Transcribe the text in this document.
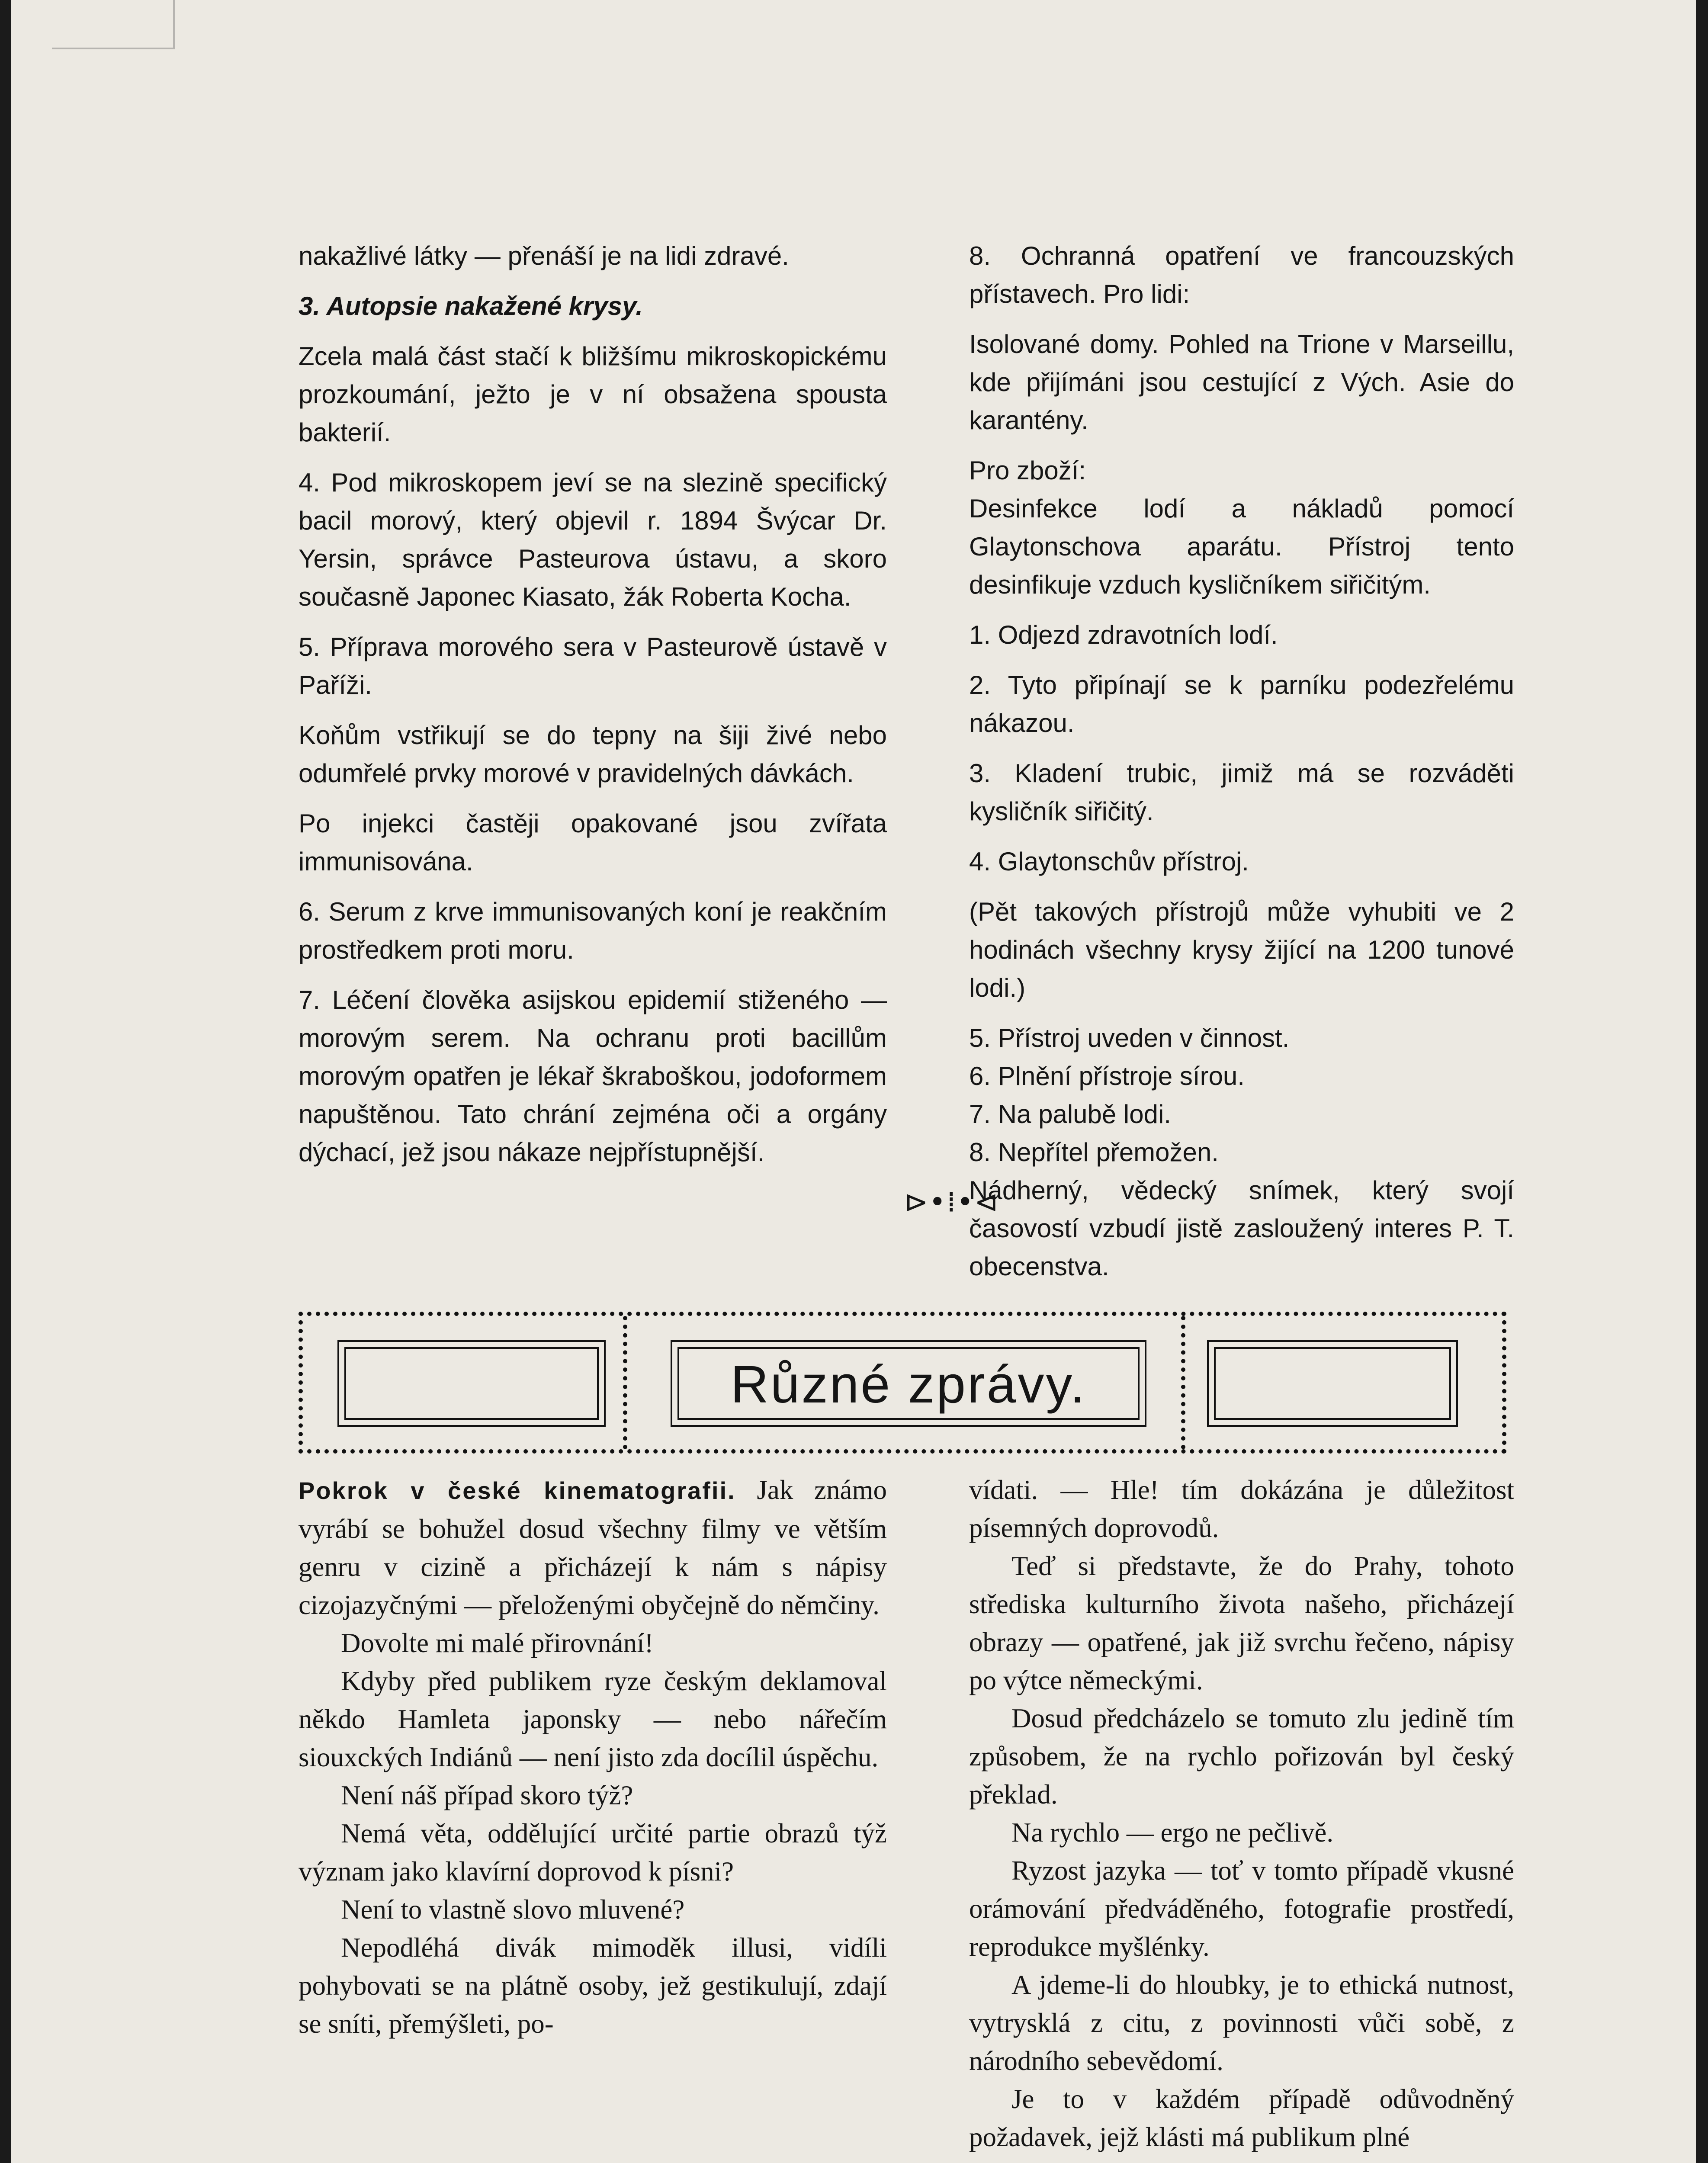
nakažlivé látky — přenáší je na lidi zdravé.

3. Autopsie nakažené krysy.

Zcela malá část stačí k bližšímu mikroskopickému prozkoumání, ježto je v ní obsažena spousta bakterií.

4. Pod mikroskopem jeví se na slezině specifický bacil morový, který objevil r. 1894 Švýcar Dr. Yersin, správce Pasteurova ústavu, a skoro současně Japonec Kiasato, žák Roberta Kocha.

5. Příprava morového sera v Pasteurově ústavě v Paříži.

Koňům vstřikují se do tepny na šiji živé nebo odumřelé prvky morové v pravidelných dávkách.

Po injekci častěji opakované jsou zvířata immunisována.

6. Serum z krve immunisovaných koní je reakčním prostředkem proti moru.

7. Léčení člověka asijskou epidemií stiženého — morovým serem. Na ochranu proti bacillům morovým opatřen je lékař škraboškou, jodoformem napuštěnou. Tato chrání zejména oči a orgány dýchací, jež jsou nákaze nejpřístupnější.

8. Ochranná opatření ve francouzských přístavech. Pro lidi:

Isolované domy. Pohled na Trione v Marseillu, kde přijímáni jsou cestující z Vých. Asie do karantény.

Pro zboží:

Desinfekce lodí a nákladů pomocí Glaytonschova aparátu. Přístroj tento desinfikuje vzduch kysličníkem siřičitým.

1. Odjezd zdravotních lodí.

2. Tyto připínají se k parníku podezřelému nákazou.

3. Kladení trubic, jimiž má se rozváděti kysličník siřičitý.

4. Glaytonschův přístroj.

(Pět takových přístrojů může vyhubiti ve 2 hodinách všechny krysy žijící na 1200 tunové lodi.)

5. Přístroj uveden v činnost.

6. Plnění přístroje sírou.

7. Na palubě lodi.

8. Nepřítel přemožen.

Nádherný, vědecký snímek, který svojí časovostí vzbudí jistě zasloužený interes P. T. obecenstva.

⊳•⁞•⊲
Různé zprávy.

Pokrok v české kinematografii. Jak známo vyrábí se bohužel dosud všechny filmy ve větším genru v cizině a přicházejí k nám s nápisy cizojazyčnými — přeloženými obyčejně do němčiny.

Dovolte mi malé přirovnání!

Kdyby před publikem ryze českým deklamoval někdo Hamleta japonsky — nebo nářečím siouxckých Indiánů — není jisto zda docílil úspěchu.

Není náš případ skoro týž?

Nemá věta, oddělující určité partie obrazů týž význam jako klavírní doprovod k písni?

Není to vlastně slovo mluvené?

Nepodléhá divák mimoděk illusi, vidíli pohybovati se na plátně osoby, jež gestikulují, zdají se sníti, přemýšleti, po-

vídati. — Hle! tím dokázána je důležitost písemných doprovodů.

Teď si představte, že do Prahy, tohoto střediska kulturního života našeho, přicházejí obrazy — opatřené, jak již svrchu řečeno, nápisy po výtce německými.

Dosud předcházelo se tomuto zlu jedině tím způsobem, že na rychlo pořizován byl český překlad.

Na rychlo — ergo ne pečlivě.

Ryzost jazyka — toť v tomto případě vkusné orámování předváděného, fotografie prostředí, reprodukce myšlénky.

A jdeme-li do hloubky, je to ethická nutnost, vytrysklá z citu, z povinnosti vůči sobě, z národního sebevědomí.

Je to v každém případě odůvodněný požadavek, jejž klásti má publikum plné
